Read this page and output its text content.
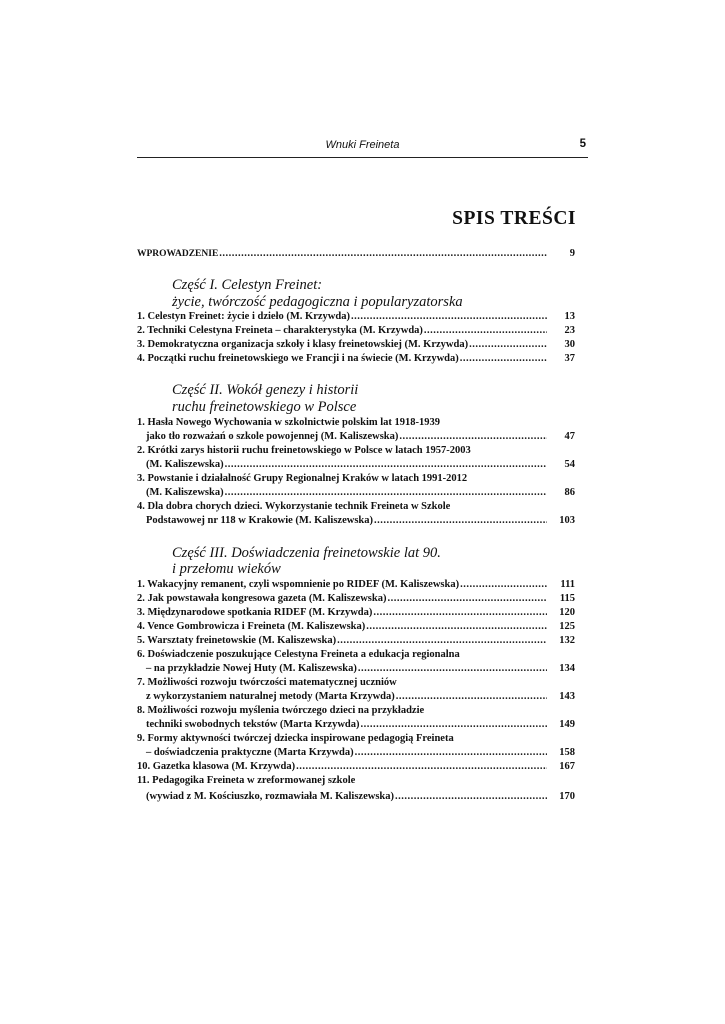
Wnuki Freineta	5
SPIS TREŚCI
WPROWADZENIE .....	9
Część I. Celestyn Freinet:
życie, twórczość pedagogiczna i popularyzatorska
1. Celestyn Freinet: życie i dzieło (M. Krzywda) .....	13
2. Techniki Celestyna Freineta – charakterystyka (M. Krzywda) .....	23
3. Demokratyczna organizacja szkoły i klasy freinetowskiej (M. Krzywda) .....	30
4. Początki ruchu freinetowskiego we Francji i na świecie (M. Krzywda) .....	37
Część II. Wokół genezy i historii
ruchu freinetowskiego w Polsce
1. Hasła Nowego Wychowania w szkolnictwie polskim lat 1918-1939
jako tło rozważań o szkole powojennej (M. Kaliszewska) .....	47
2. Krótki zarys historii ruchu freinetowskiego w Polsce w latach 1957-2003
(M. Kaliszewska) .....	54
3. Powstanie i działalność Grupy Regionalnej Kraków w latach 1991-2012
(M. Kaliszewska) .....	86
4. Dla dobra chorych dzieci. Wykorzystanie technik Freineta w Szkole
Podstawowej nr 118 w Krakowie (M. Kaliszewska) .....	103
Część III. Doświadczenia freinetowskie lat 90.
i przełomu wieków
1. Wakacyjny remanent, czyli wspomnienie po RIDEF (M. Kaliszewska) .....	111
2. Jak powstawała kongresowa gazeta (M. Kaliszewska) .....	115
3. Międzynarodowe spotkania RIDEF (M. Krzywda) .....	120
4. Vence Gombrowicza i Freineta (M. Kaliszewska) .....	125
5. Warsztaty freinetowskie (M. Kaliszewska) .....	132
6. Doświadczenie poszukujące Celestyna Freineta a edukacja regionalna
– na przykładzie Nowej Huty (M. Kaliszewska) .....	134
7. Możliwości rozwoju twórczości matematycznej uczniów
z wykorzystaniem naturalnej metody (Marta Krzywda) .....	143
8. Możliwości rozwoju myślenia twórczego dzieci na przykładzie
techniki swobodnych tekstów (Marta Krzywda) .....	149
9. Formy aktywności twórczej dziecka inspirowane pedagogią Freineta
– doświadczenia praktyczne (Marta Krzywda) .....	158
10. Gazetka klasowa (M. Krzywda) .....	167
11. Pedagogika Freineta w zreformowanej szkole
(wywiad z M. Kościuszko, rozmawiała M. Kaliszewska) .....	170
